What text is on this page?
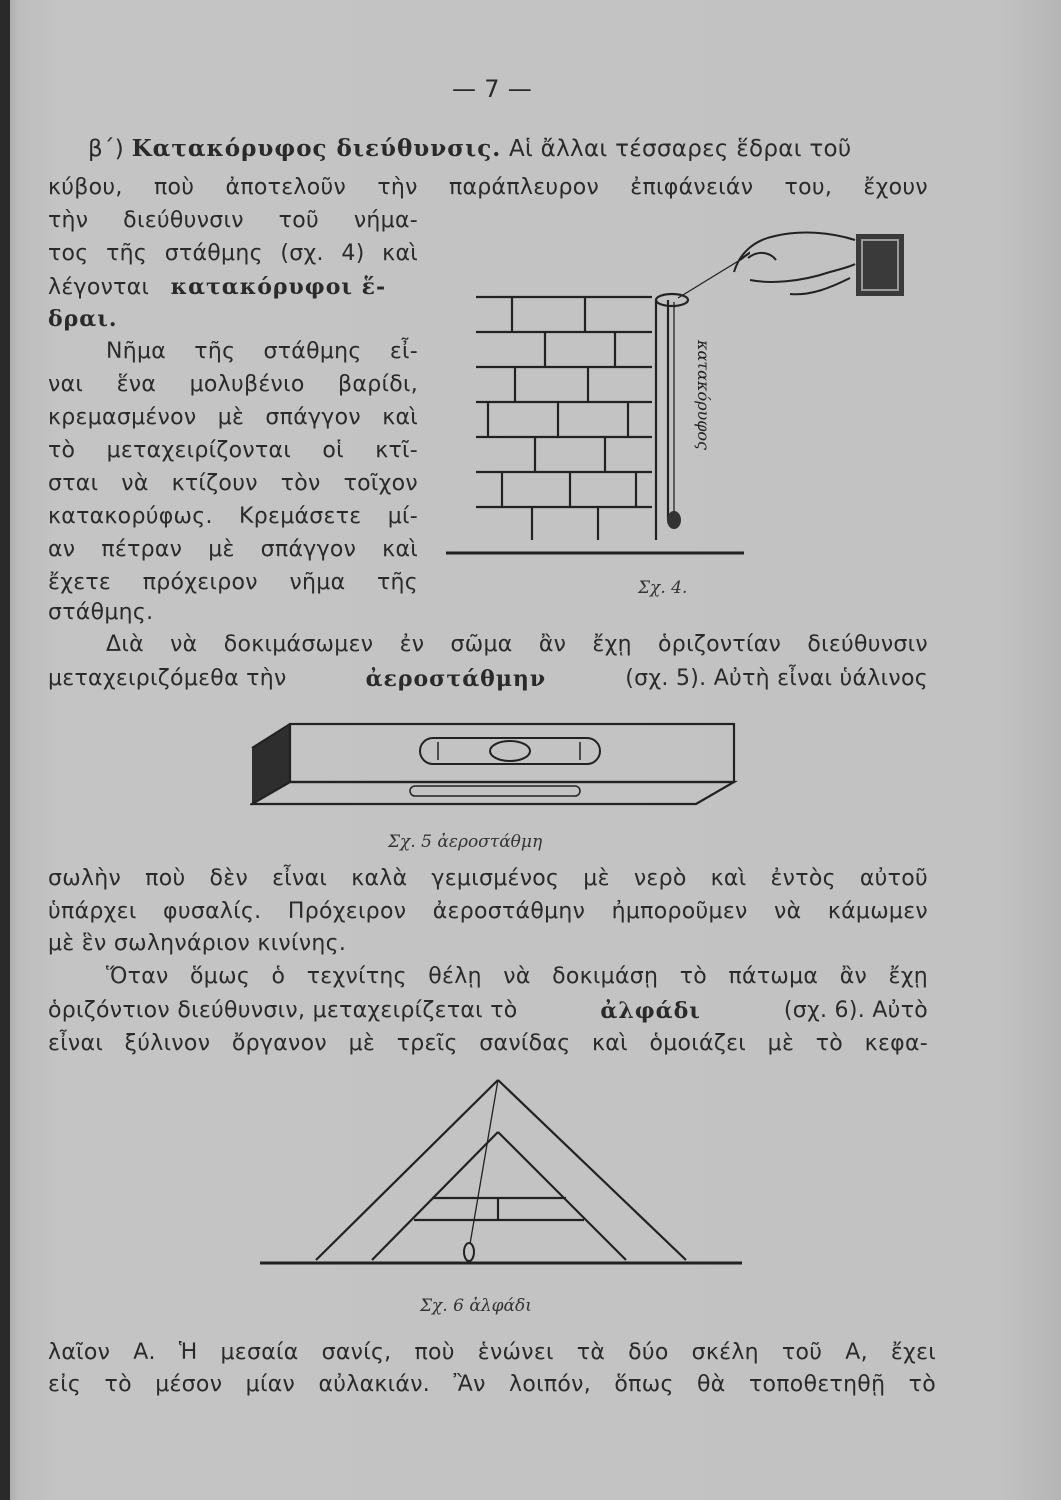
— 7 —
β΄) Κατακόρυφος διεύθυνσις. Αἱ ἄλλαι τέσσαρες ἕδραι τοῦ
κύβου, ποὺ ἀποτελοῦν τὴν παράπλευρον ἐπιφάνειάν του, ἔχουν
τὴν διεύθυνσιν τοῦ νήμα-
τος τῆς στάθμης (σχ. 4) καὶ
λέγονται κατακόρυφοι ἕ-
δραι.
Νῆμα τῆς στάθμης εἶ-
ναι ἕνα μολυβένιο βαρίδι,
κρεμασμένον μὲ σπάγγον καὶ
τὸ μεταχειρίζονται οἱ κτῖ-
σται νὰ κτίζουν τὸν τοῖχον
κατακορύφως. Κρεμάσετε μί-
αν πέτραν μὲ σπάγγον καὶ
ἔχετε πρόχειρον νῆμα τῆς
στάθμης.
κατακόρυφος
Σχ. 4.
Διὰ νὰ δοκιμάσωμεν ἐν σῶμα ἂν ἔχῃ ὁριζοντίαν διεύθυνσιν
μεταχειριζόμεθα τὴν	ἀεροστάθμην	(σχ. 5). Αὐτὴ εἶναι ὑάλινος
Σχ. 5 ἀεροστάθμη
σωλὴν ποὺ δὲν εἶναι καλὰ γεμισμένος μὲ νερὸ καὶ ἐντὸς αὐτοῦ
ὑπάρχει φυσαλίς. Πρόχειρον ἀεροστάθμην ἠμποροῦμεν νὰ κάμωμεν
μὲ ἓν σωληνάριον κινίνης.
Ὅταν ὅμως ὁ τεχνίτης θέλῃ νὰ δοκιμάσῃ τὸ πάτωμα ἂν ἔχῃ
ὁριζόντιον διεύθυνσιν, μεταχειρίζεται τὸ	ἀλφάδι	(σχ. 6). Αὐτὸ
εἶναι ξύλινον ὄργανον μὲ τρεῖς σανίδας καὶ ὁμοιάζει μὲ τὸ κεφα-
Σχ. 6 ἀλφάδι
λαῖον Α. Ἡ μεσαία σανίς, ποὺ ἑνώνει τὰ δύο σκέλη τοῦ Α, ἔχει
εἰς τὸ μέσον μίαν αὐλακιάν. Ἂν λοιπόν, ὅπως θὰ τοποθετηθῇ τὸ
